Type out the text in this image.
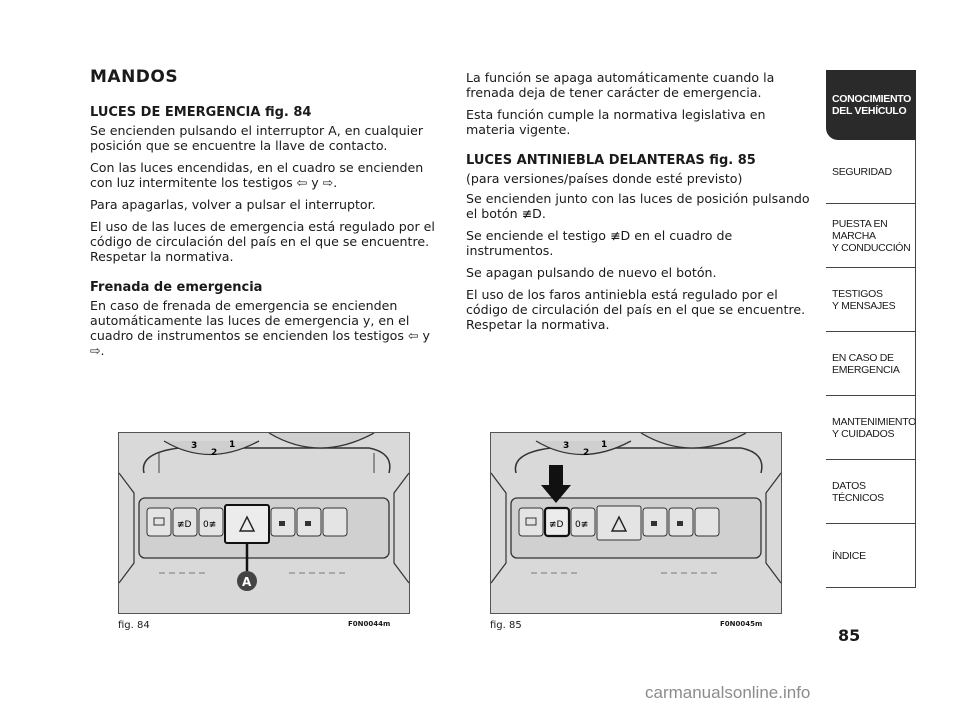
MANDOS
LUCES DE EMERGENCIA fig. 84

Se encienden pulsando el interruptor A, en cualquier posición que se encuentre la llave de contacto.

Con las luces encendidas, en el cuadro se encienden con luz intermitente los testigos ⇦ y ⇨.

Para apagarlas, volver a pulsar el interruptor.

El uso de las luces de emergencia está regulado por el código de circulación del país en el que se encuentre. Respetar la normativa.

Frenada de emergencia

En caso de frenada de emergencia se encienden automáticamente las luces de emergencia y, en el cuadro de instrumentos se encienden los testigos ⇦ y ⇨.

La función se apaga automáticamente cuando la frenada deja de tener carácter de emergencia.

Esta función cumple la normativa legislativa en materia vigente.

LUCES ANTINIEBLA DELANTERAS fig. 85
(para versiones/países donde esté previsto)

Se encienden junto con las luces de posición pulsando el botón ≢D.

Se enciende el testigo ≢D en el cuadro de instrumentos.

Se apagan pulsando de nuevo el botón.

El uso de los faros antiniebla está regulado por el código de circulación del país en el que se encuentre. Respetar la normativa.

3
2
1
≢D 0≢
A
fig. 84	F0N0044m
3
2
1
≢D 0≢
fig. 85	F0N0045m
CONOCIMIENTO
DEL VEHÍCULO
SEGURIDAD
PUESTA EN
MARCHA
Y CONDUCCIÓN
TESTIGOS
Y MENSAJES
EN CASO DE
EMERGENCIA
MANTENIMIENTO
Y CUIDADOS
DATOS
TÉCNICOS
ÍNDICE
85
carmanualsonline.info
